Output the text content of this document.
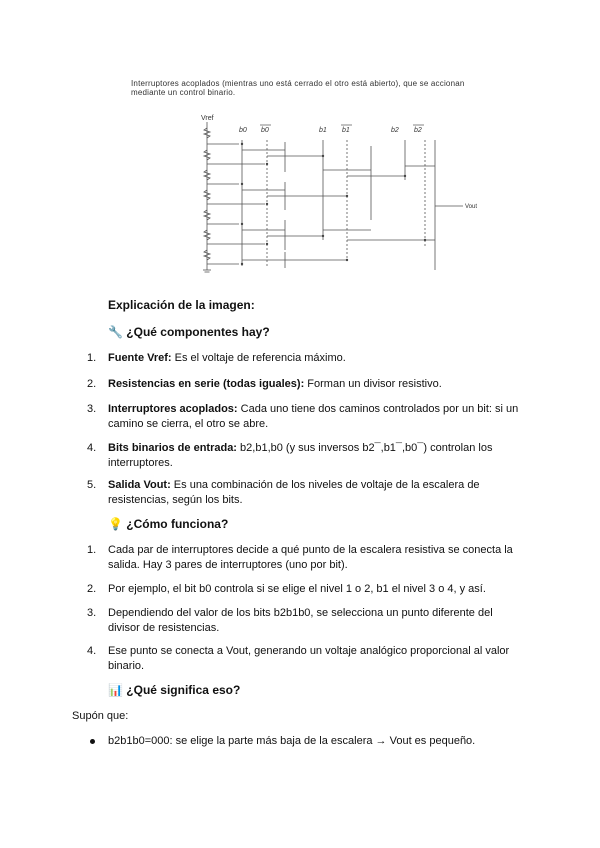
Interruptores acoplados (mientras uno está cerrado el otro está abierto), que se accionan
mediante un control binario.
Vref
b0 b0	b1 b1	b2 b2
Vout
Explicación de la imagen:
🔧 ¿Qué componentes hay?
1.	Fuente Vref: Es el voltaje de referencia máximo.
2.	Resistencias en serie (todas iguales): Forman un divisor resistivo.
3.	Interruptores acoplados: Cada uno tiene dos caminos controlados por un bit: si un
camino se cierra, el otro se abre.
4.	Bits binarios de entrada: b2,b1,b0 (y sus inversos b2¯,b1¯,b0¯) controlan los
interruptores.
5.	Salida Vout: Es una combinación de los niveles de voltaje de la escalera de
resistencias, según los bits.
💡 ¿Cómo funciona?
1.	Cada par de interruptores decide a qué punto de la escalera resistiva se conecta la
salida. Hay 3 pares de interruptores (uno por bit).
2.	Por ejemplo, el bit b0 controla si se elige el nivel 1 o 2, b1 el nivel 3 o 4, y así.
3.	Dependiendo del valor de los bits b2b1b0, se selecciona un punto diferente del
divisor de resistencias.
4.	Ese punto se conecta a Vout, generando un voltaje analógico proporcional al valor
binario.
📊 ¿Qué significa eso?
Supón que:
b2b1b0=000: se elige la parte más baja de la escalera → Vout es pequeño.
